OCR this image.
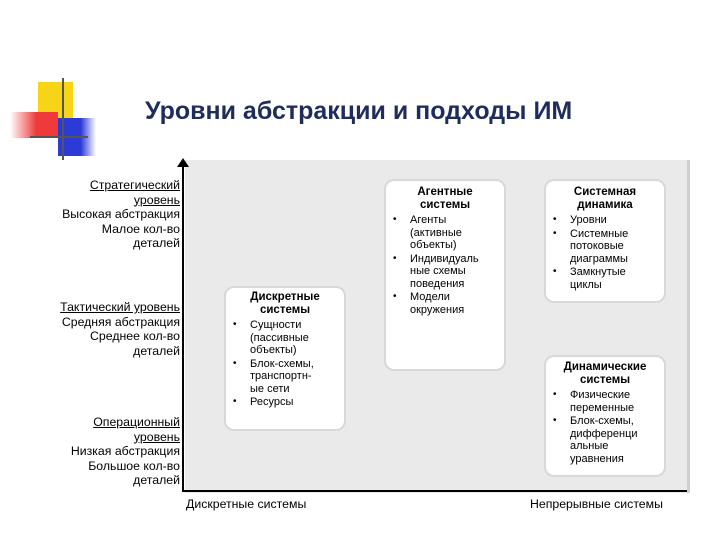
Уровни абстракции и подходы ИМ
Стратегический
уровень
Высокая абстракция
Малое кол-во
деталей
Тактический уровень
Средняя абстракция
Среднее кол-во
деталей
Операционный
уровень
Низкая абстракция
Большое кол-во
деталей
Дискретные
системы
• Сущности
(пассивные
объекты)
• Блок-схемы,
транспортн-
ые сети
• Ресурсы
Агентные
системы
• Агенты
(активные
объекты)
• Индивидуаль
ные схемы
поведения
• Модели
окружения
Системная
динамика
• Уровни
• Системные
потоковые
диаграммы
• Замкнутые
циклы
Динамические
системы
• Физические
переменные
• Блок-схемы,
дифференци
альные
уравнения
Дискретные системы	Непрерывные системы
